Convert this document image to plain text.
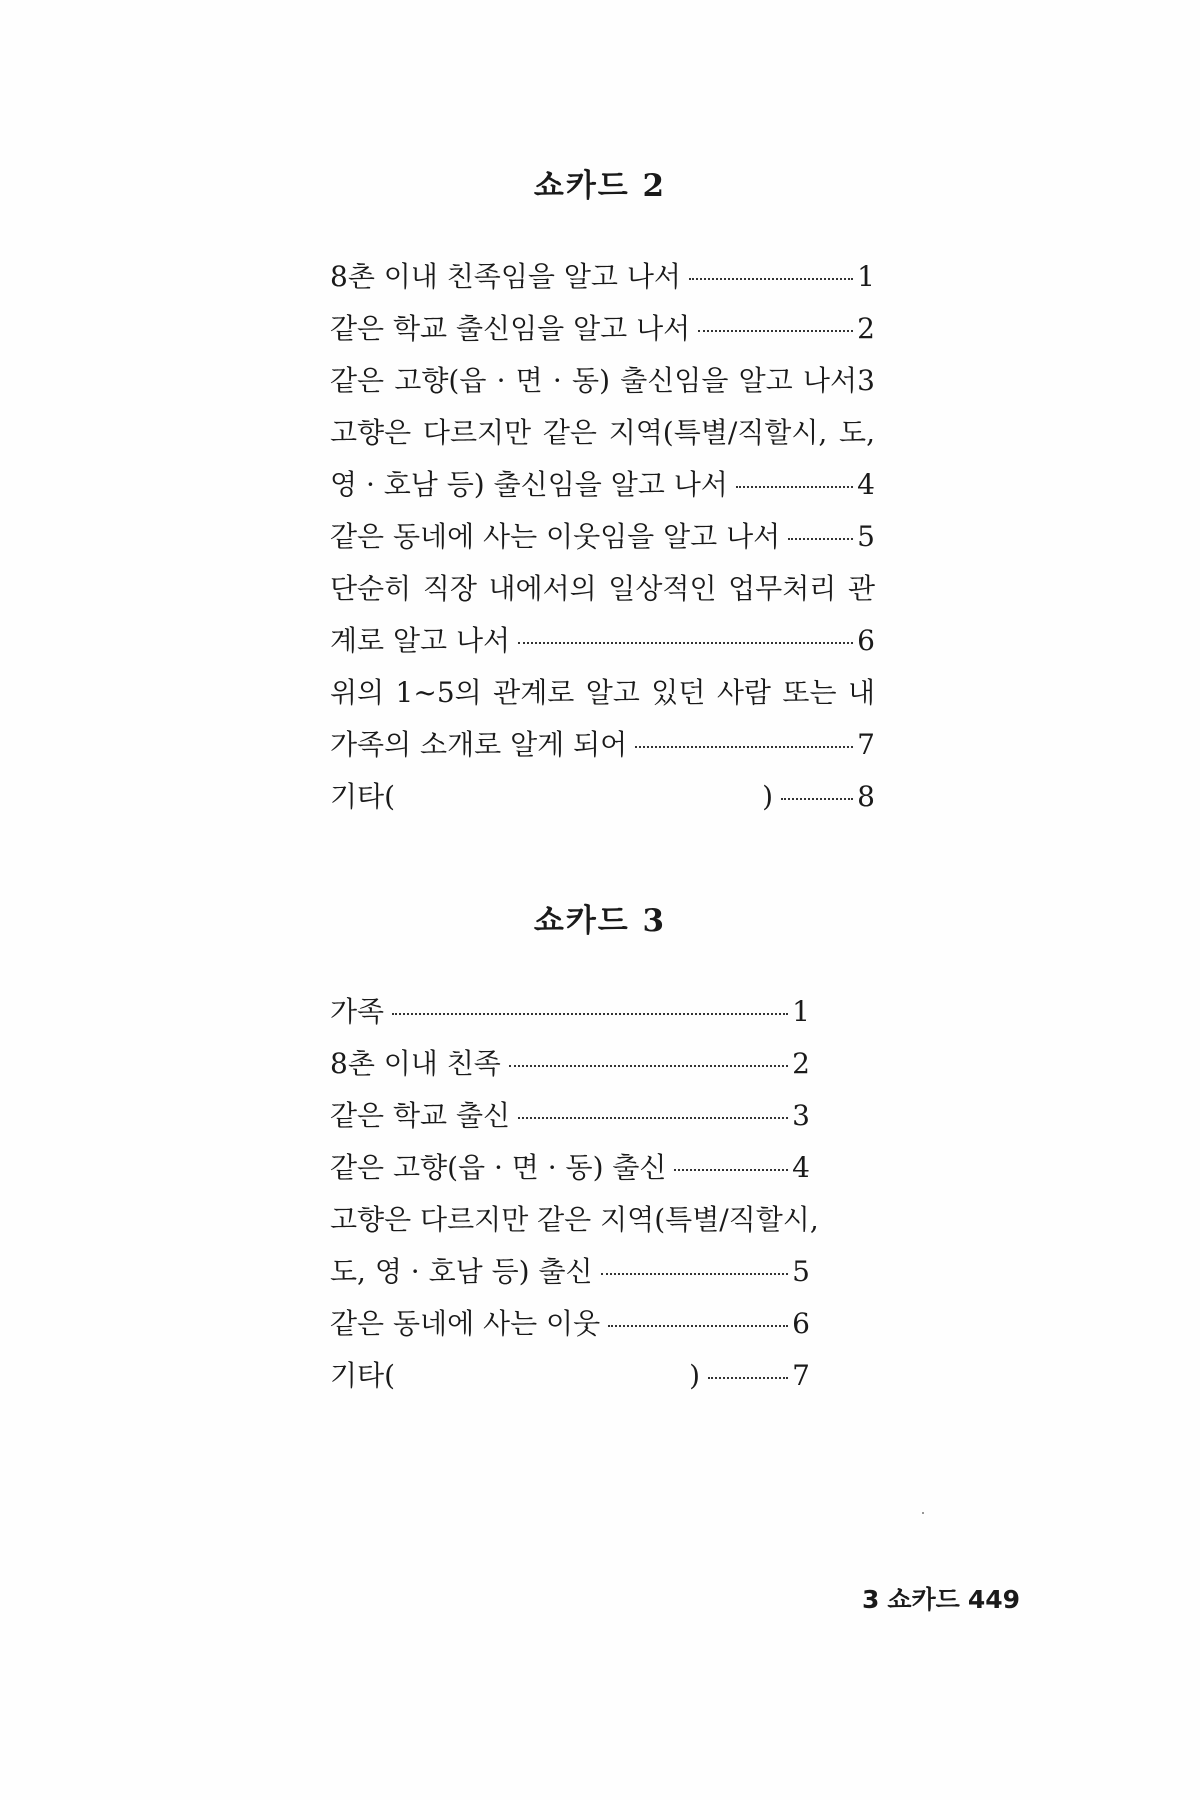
쇼카드 2
8촌 이내 친족임을 알고 나서	1
같은 학교 출신임을 알고 나서	2
같은 고향(읍 · 면 · 동) 출신임을 알고 나서 3
고향은 다르지만 같은 지역(특별/직할시, 도,
영 · 호남 등) 출신임을 알고 나서	4
같은 동네에 사는 이웃임을 알고 나서	5
단순히 직장 내에서의 일상적인 업무처리 관
계로 알고 나서	6
위의 1~5의 관계로 알고 있던 사람 또는 내
가족의 소개로 알게 되어	7
기타(	)	8
쇼카드 3
가족	1
8촌 이내 친족	2
같은 학교 출신	3
같은 고향(읍 · 면 · 동) 출신	4
고향은 다르지만 같은 지역(특별/직할시,
도, 영 · 호남 등) 출신	5
같은 동네에 사는 이웃	6
기타(	)	7
3 쇼카드 449
